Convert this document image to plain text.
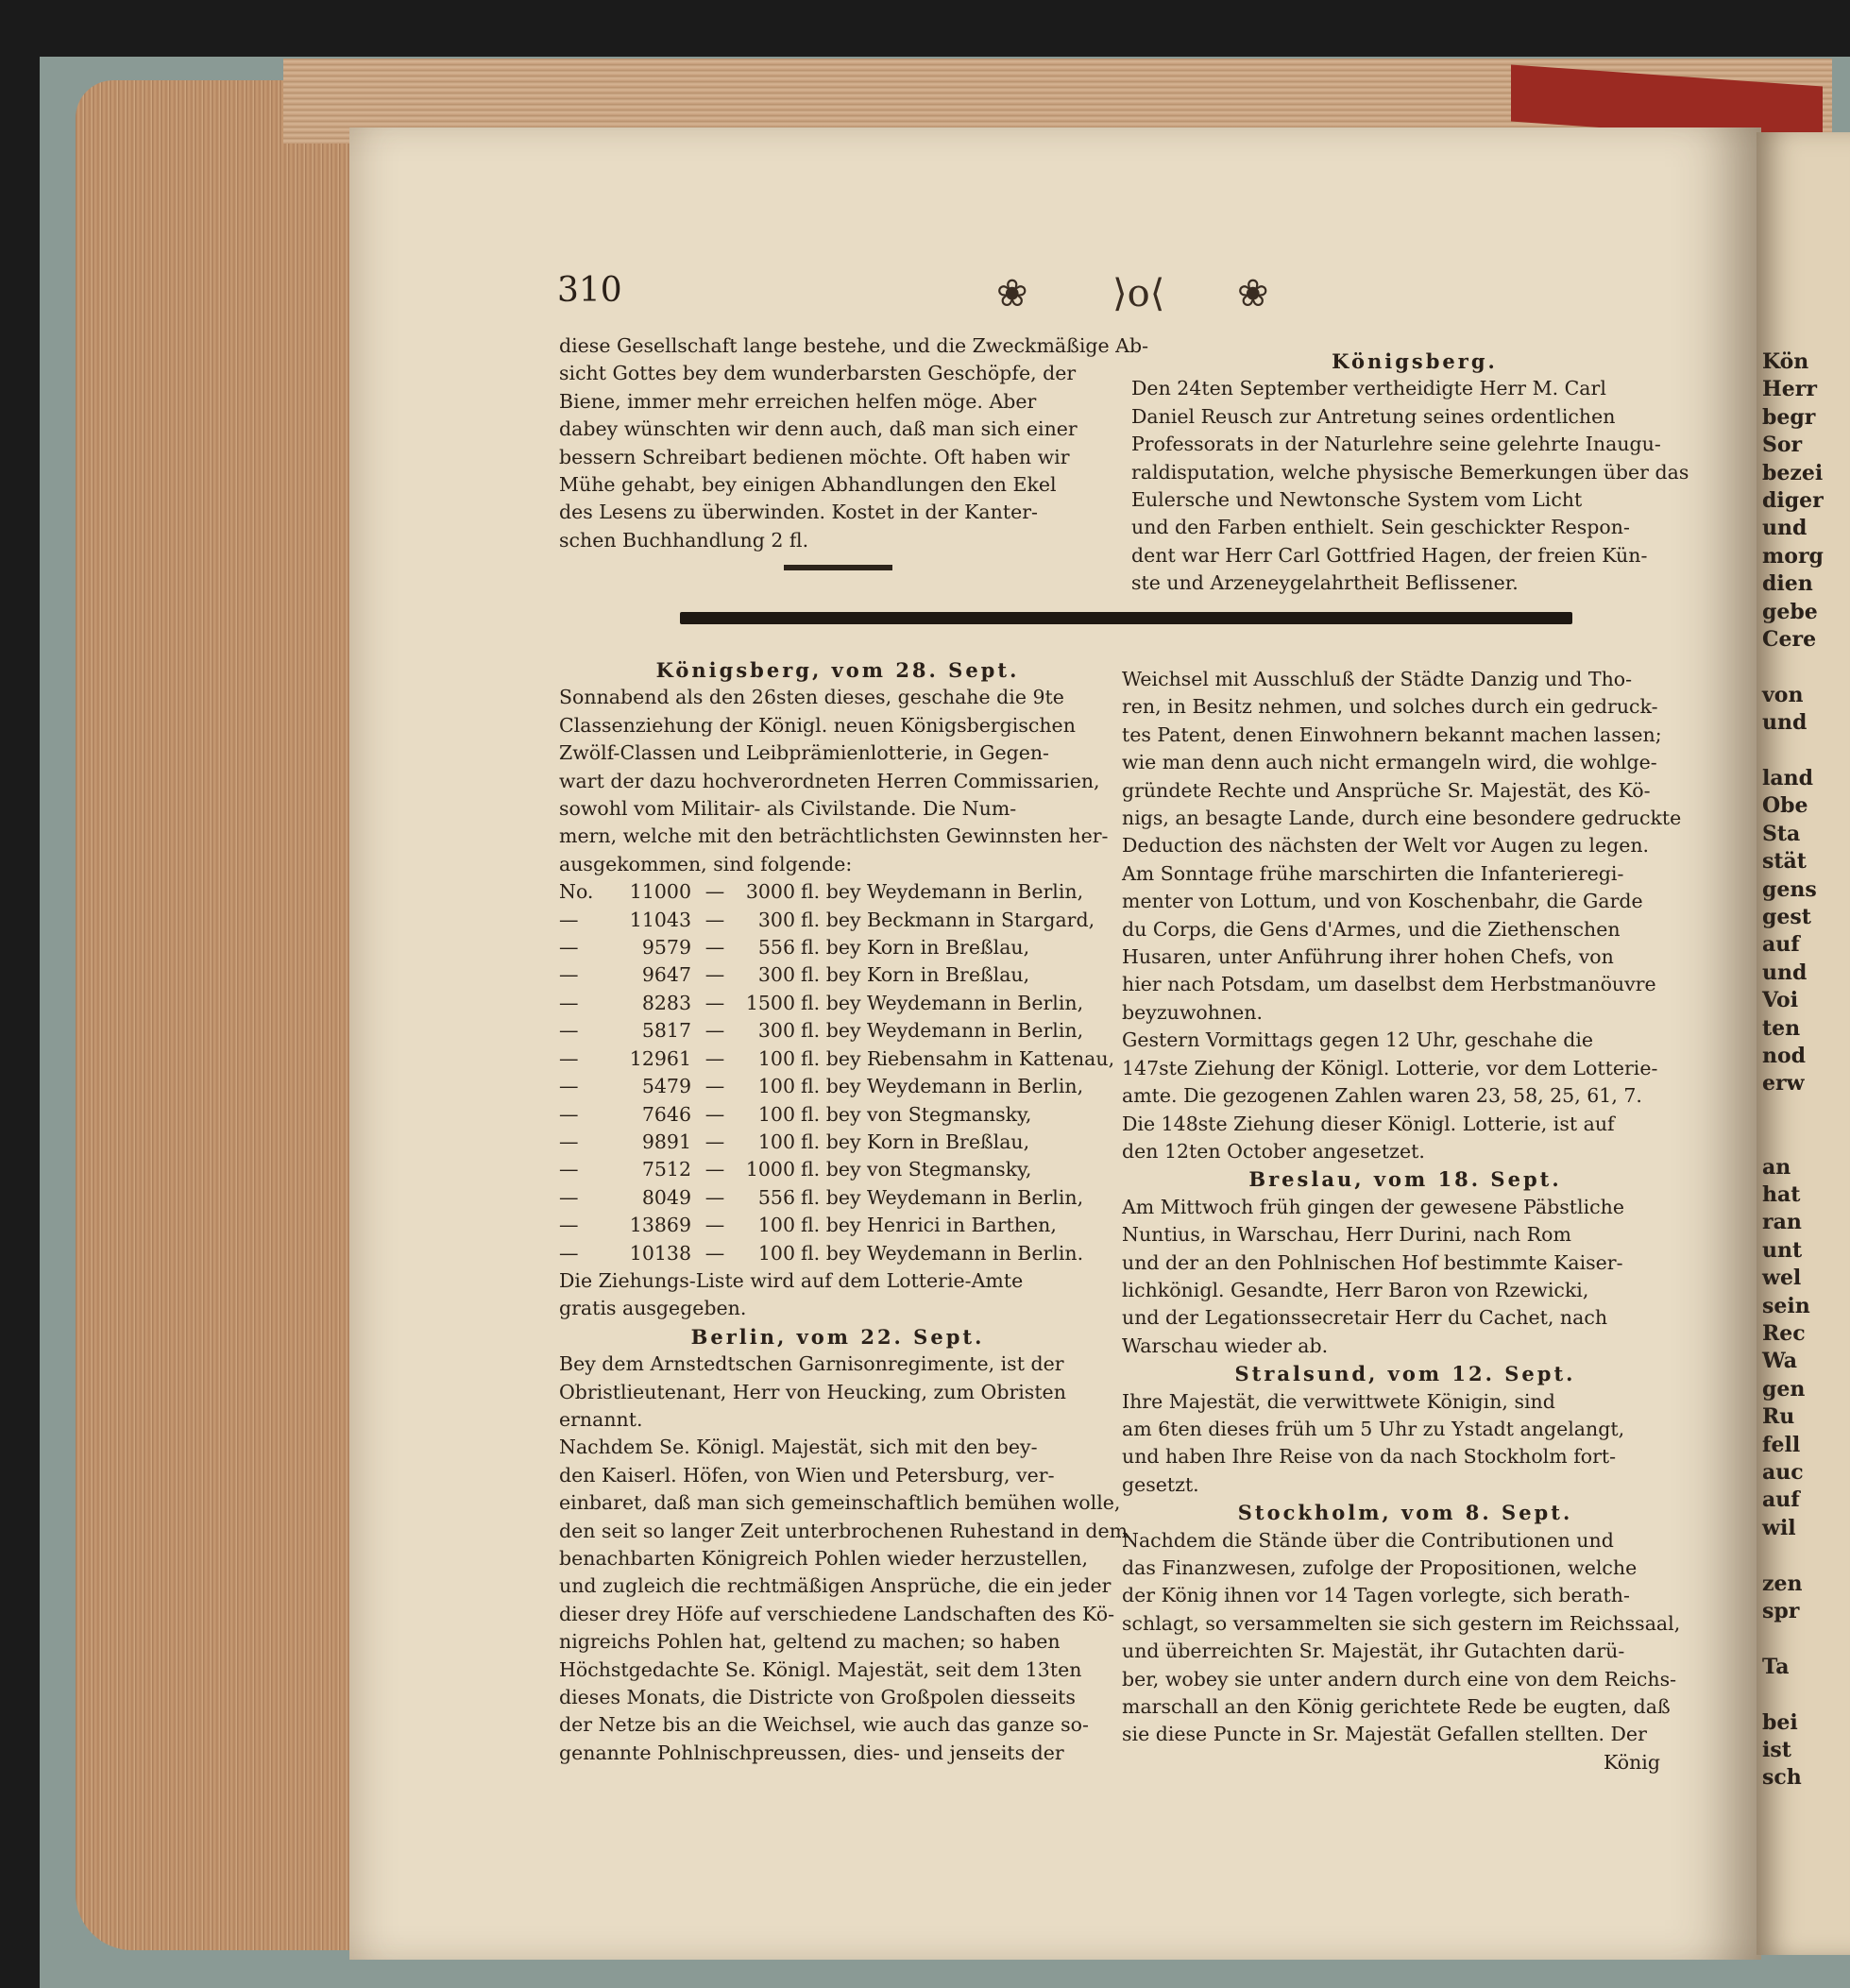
Kön
Herr
begr
Sor
bezei
diger
und
morg
dien
gebe
Cere
von
und
land
Obe
Sta
stät
gens
gest
auf
und
Voi
ten
nod
erw
an
hat
ran
unt
wel
sein
Rec
Wa
gen
Ru
fell
auc
auf
wil
zen
spr
Ta
bei
ist
sch
310	❀ ⟩o⟨ ❀
diese Gesellschaft lange bestehe, und die Zweckmäßige Ab-
sicht Gottes bey dem wunderbarsten Geschöpfe, der
Biene, immer mehr erreichen helfen möge. Aber
dabey wünschten wir denn auch, daß man sich einer
bessern Schreibart bedienen möchte. Oft haben wir
Mühe gehabt, bey einigen Abhandlungen den Ekel
des Lesens zu überwinden. Kostet in der Kanter-
schen Buchhandlung 2 fl.
Königsberg.
Den 24ten September vertheidigte Herr M. Carl
Daniel Reusch zur Antretung seines ordentlichen
Professorats in der Naturlehre seine gelehrte Inaugu-
raldisputation, welche physische Bemerkungen über das
Eulersche und Newtonsche System vom Licht
und den Farben enthielt. Sein geschickter Respon-
dent war Herr Carl Gottfried Hagen, der freien Kün-
ste und Arzeneygelahrtheit Beflissener.
Königsberg, vom 28. Sept.
Sonnabend als den 26sten dieses, geschahe die 9te
Classenziehung der Königl. neuen Königsbergischen
Zwölf-Classen und Leibprämienlotterie, in Gegen-
wart der dazu hochverordneten Herren Commissarien,
sowohl vom Militair- als Civilstande. Die Num-
mern, welche mit den beträchtlichsten Gewinnsten her-
ausgekommen, sind folgende:
No.	11000 —	3000 fl. bey Weydemann in Berlin,
—	11043 —	300 fl. bey Beckmann in Stargard,
—	9579 —	556 fl. bey Korn in Breßlau,
—	9647 —	300 fl. bey Korn in Breßlau,
—	8283 —	1500 fl. bey Weydemann in Berlin,
—	5817 —	300 fl. bey Weydemann in Berlin,
—	12961 —	100 fl. bey Riebensahm in Kattenau,
—	5479 —	100 fl. bey Weydemann in Berlin,
—	7646 —	100 fl. bey von Stegmansky,
—	9891 —	100 fl. bey Korn in Breßlau,
—	7512 —	1000 fl. bey von Stegmansky,
—	8049 —	556 fl. bey Weydemann in Berlin,
—	13869 —	100 fl. bey Henrici in Barthen,
—	10138 —	100 fl. bey Weydemann in Berlin.
Die Ziehungs-Liste wird auf dem Lotterie-Amte
gratis ausgegeben.
Berlin, vom 22. Sept.
Bey dem Arnstedtschen Garnisonregimente, ist der
Obristlieutenant, Herr von Heucking, zum Obristen
ernannt.
Nachdem Se. Königl. Majestät, sich mit den bey-
den Kaiserl. Höfen, von Wien und Petersburg, ver-
einbaret, daß man sich gemeinschaftlich bemühen wolle,
den seit so langer Zeit unterbrochenen Ruhestand in dem
benachbarten Königreich Pohlen wieder herzustellen,
und zugleich die rechtmäßigen Ansprüche, die ein jeder
dieser drey Höfe auf verschiedene Landschaften des Kö-
nigreichs Pohlen hat, geltend zu machen; so haben
Höchstgedachte Se. Königl. Majestät, seit dem 13ten
dieses Monats, die Districte von Großpolen diesseits
der Netze bis an die Weichsel, wie auch das ganze so-
genannte Pohlnischpreussen, dies- und jenseits der
Weichsel mit Ausschluß der Städte Danzig und Tho-
ren, in Besitz nehmen, und solches durch ein gedruck-
tes Patent, denen Einwohnern bekannt machen lassen;
wie man denn auch nicht ermangeln wird, die wohlge-
gründete Rechte und Ansprüche Sr. Majestät, des Kö-
nigs, an besagte Lande, durch eine besondere gedruckte
Deduction des nächsten der Welt vor Augen zu legen.
Am Sonntage frühe marschirten die Infanterieregi-
menter von Lottum, und von Koschenbahr, die Garde
du Corps, die Gens d'Armes, und die Ziethenschen
Husaren, unter Anführung ihrer hohen Chefs, von
hier nach Potsdam, um daselbst dem Herbstmanöuvre
beyzuwohnen.
Gestern Vormittags gegen 12 Uhr, geschahe die
147ste Ziehung der Königl. Lotterie, vor dem Lotterie-
amte. Die gezogenen Zahlen waren 23, 58, 25, 61, 7.
Die 148ste Ziehung dieser Königl. Lotterie, ist auf
den 12ten October angesetzet.
Breslau, vom 18. Sept.
Am Mittwoch früh gingen der gewesene Päbstliche
Nuntius, in Warschau, Herr Durini, nach Rom
und der an den Pohlnischen Hof bestimmte Kaiser-
lichkönigl. Gesandte, Herr Baron von Rzewicki,
und der Legationssecretair Herr du Cachet, nach
Warschau wieder ab.
Stralsund, vom 12. Sept.
Ihre Majestät, die verwittwete Königin, sind
am 6ten dieses früh um 5 Uhr zu Ystadt angelangt,
und haben Ihre Reise von da nach Stockholm fort-
gesetzt.
Stockholm, vom 8. Sept.
Nachdem die Stände über die Contributionen und
das Finanzwesen, zufolge der Propositionen, welche
der König ihnen vor 14 Tagen vorlegte, sich berath-
schlagt, so versammelten sie sich gestern im Reichssaal,
und überreichten Sr. Majestät, ihr Gutachten darü-
ber, wobey sie unter andern durch eine von dem Reichs-
marschall an den König gerichtete Rede be eugten, daß
sie diese Puncte in Sr. Majestät Gefallen stellten. Der
König
